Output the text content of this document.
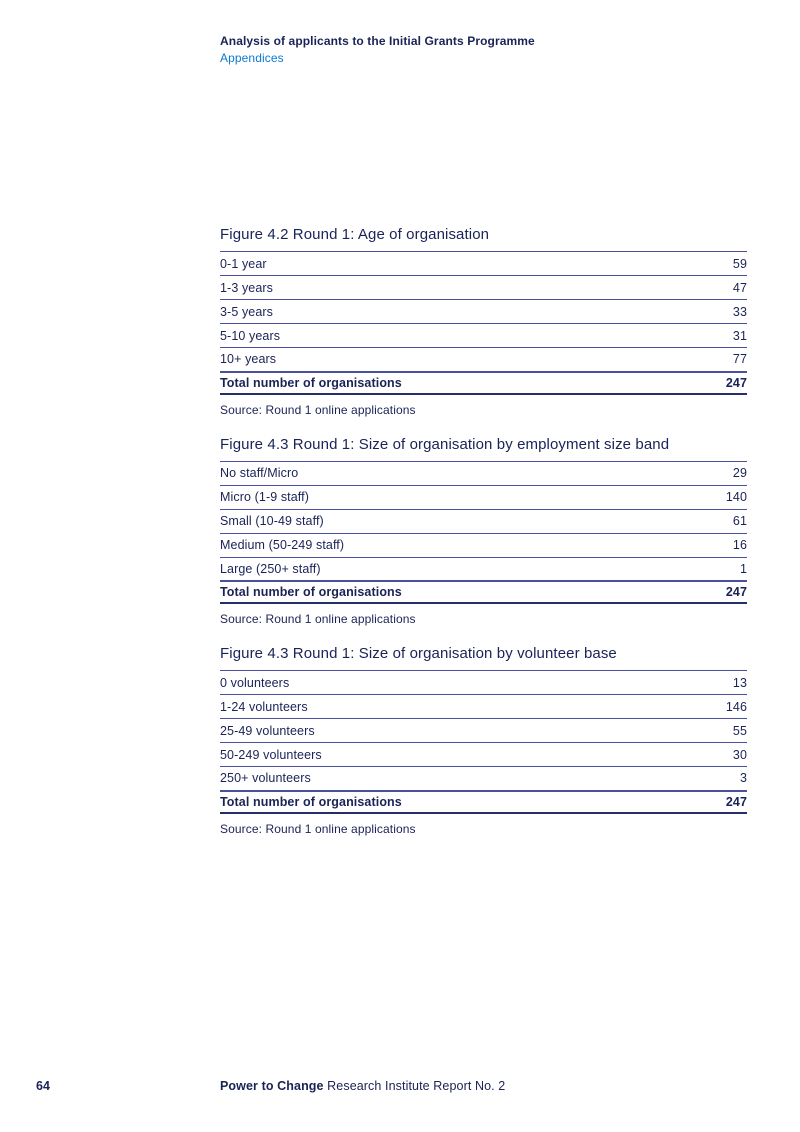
Analysis of applicants to the Initial Grants Programme
Appendices
Figure 4.2 Round 1: Age of organisation
0-1 year	59
1-3 years	47
3-5 years	33
5-10 years	31
10+ years	77
Total number of organisations	247

Source: Round 1 online applications

Figure 4.3 Round 1: Size of organisation by employment size band
No staff/Micro	29
Micro (1-9 staff)	140
Small (10-49 staff)	61
Medium (50-249 staff)	16
Large (250+ staff)	1
Total number of organisations	247

Source: Round 1 online applications

Figure 4.3 Round 1: Size of organisation by volunteer base
0 volunteers	13
1-24 volunteers	146
25-49 volunteers	55
50-249 volunteers	30
250+ volunteers	3
Total number of organisations	247

Source: Round 1 online applications

64	Power to Change Research Institute Report No. 2
